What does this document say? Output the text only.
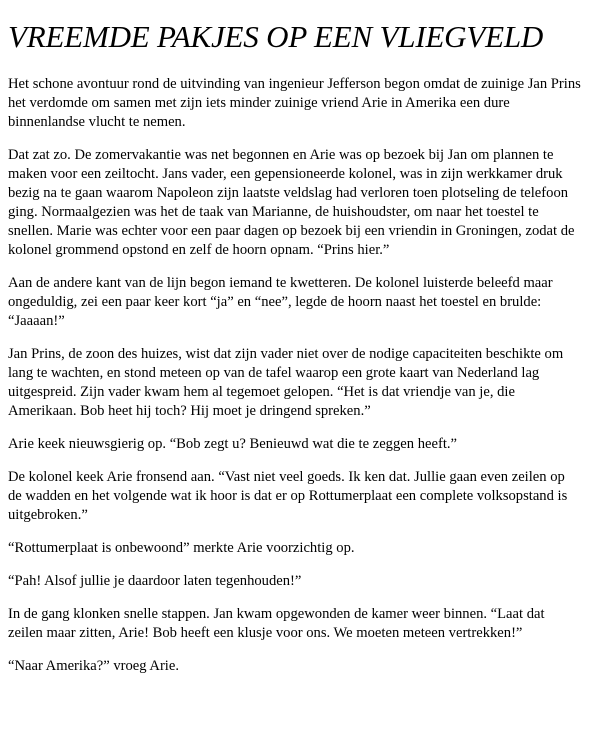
VREEMDE PAKJES OP EEN VLIEGVELD

Het schone avontuur rond de uitvinding van ingenieur Jefferson begon omdat de zuinige Jan Prins het verdomde om samen met zijn iets minder zuinige vriend Arie in Amerika een dure binnenlandse vlucht te nemen.

Dat zat zo. De zomervakantie was net begonnen en Arie was op bezoek bij Jan om plannen te maken voor een zeiltocht. Jans vader, een gepensioneerde kolonel, was in zijn werkkamer druk bezig na te gaan waarom Napoleon zijn laatste veldslag had verloren toen plotseling de telefoon ging. Normaalgezien was het de taak van Marianne, de huishoudster, om naar het toestel te snellen. Marie was echter voor een paar dagen op bezoek bij een vriendin in Groningen, zodat de kolonel grommend opstond en zelf de hoorn opnam. “Prins hier.”

Aan de andere kant van de lijn begon iemand te kwetteren. De kolonel luisterde beleefd maar ongeduldig, zei een paar keer kort “ja” en “nee”, legde de hoorn naast het toestel en brulde: “Jaaaan!”

Jan Prins, de zoon des huizes, wist dat zijn vader niet over de nodige capaciteiten beschikte om lang te wachten, en stond meteen op van de tafel waarop een grote kaart van Nederland lag uitgespreid. Zijn vader kwam hem al tegemoet gelopen. “Het is dat vriendje van je, die Amerikaan. Bob heet hij toch? Hij moet je dringend spreken.”

Arie keek nieuwsgierig op. “Bob zegt u? Benieuwd wat die te zeggen heeft.”

De kolonel keek Arie fronsend aan. “Vast niet veel goeds. Ik ken dat. Jullie gaan even zeilen op de wadden en het volgende wat ik hoor is dat er op Rottumerplaat een complete volksopstand is uitgebroken.”

“Rottumerplaat is onbewoond” merkte Arie voorzichtig op.

“Pah! Alsof jullie je daardoor laten tegenhouden!”

In de gang klonken snelle stappen. Jan kwam opgewonden de kamer weer binnen. “Laat dat zeilen maar zitten, Arie! Bob heeft een klusje voor ons. We moeten meteen vertrekken!”

“Naar Amerika?” vroeg Arie.
